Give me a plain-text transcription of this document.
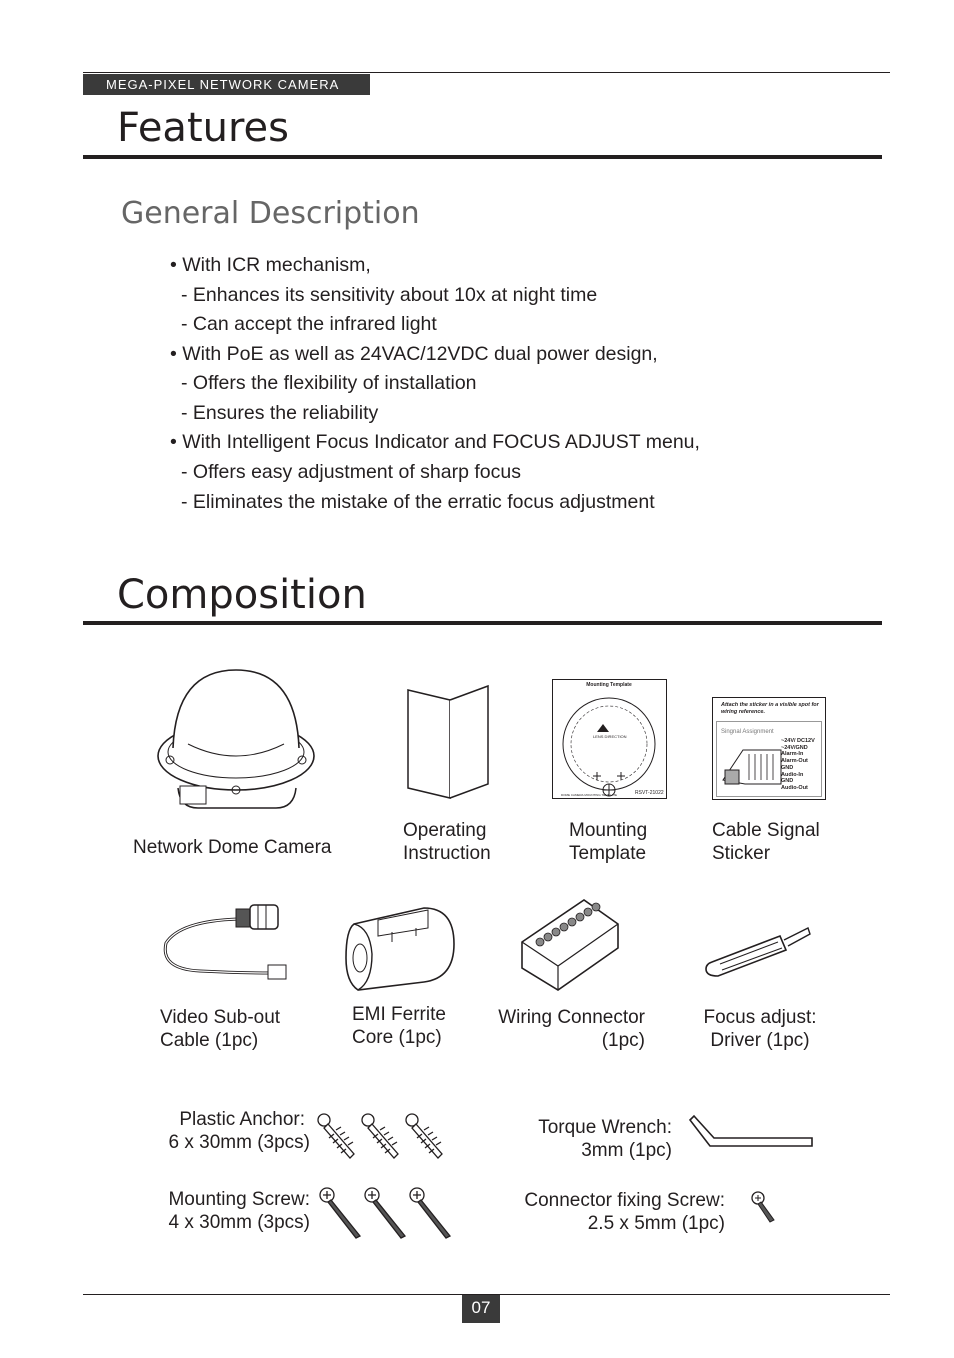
MEGA-PIXEL NETWORK CAMERA
Features
General Description
• With ICR mechanism,
- Enhances its sensitivity about 10x at night time
- Can accept the infrared light
• With PoE as well as 24VAC/12VDC dual power design,
- Offers the flexibility of installation
- Ensures the reliability
• With Intelligent Focus Indicator and FOCUS ADJUST menu,
- Offers easy adjustment of sharp focus
- Eliminates the mistake of the erratic focus adjustment
Composition
Mounting Template
LENS DIRECTION
RSVT-21022
DOME CAMERA MOUNTING TEMPLATE
Attach the sticker in a visible spot for wiring reference.
Singnal Assignment
~24V/ DC12V
~24V/GND
Alarm-In
Alarm-Out
GND
Audio-In
GND
Audio-Out
Network Dome Camera
Operating
Instruction
Mounting
Template
Cable Signal
Sticker
Video Sub-out
Cable (1pc)
EMI Ferrite
Core (1pc)
Wiring Connector
(1pc)
Focus adjust:
Driver (1pc)
Plastic Anchor:
6 x 30mm (3pcs)
Torque Wrench:
3mm (1pc)
Mounting Screw:
4 x 30mm (3pcs)
Connector fixing Screw:
2.5 x 5mm (1pc)
07
